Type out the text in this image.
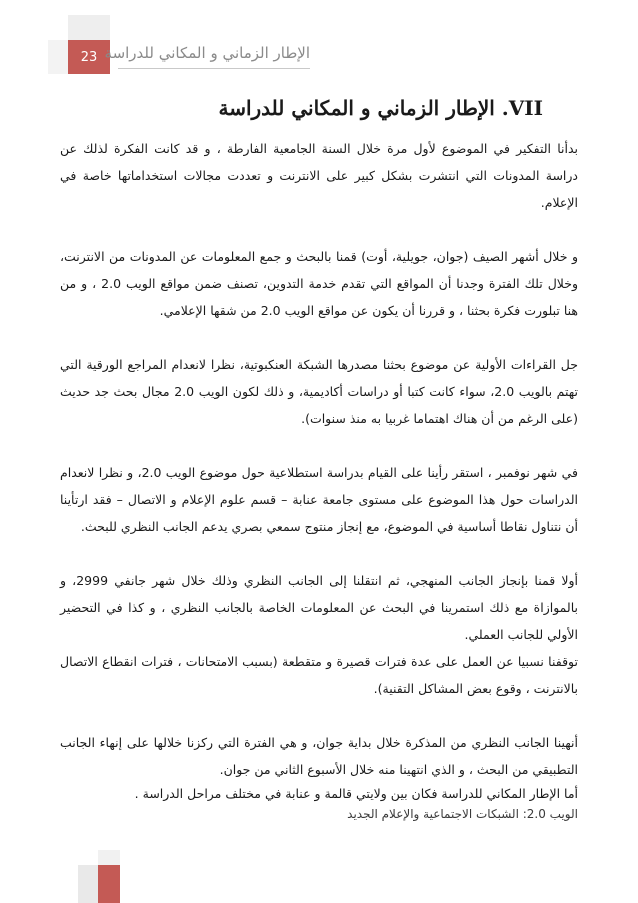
23 الإطار الزماني و المكاني للدراسة
VII. الإطار الزماني و المكاني للدراسة

بدأنا التفكير في الموضوع لأول مرة خلال السنة الجامعية الفارطة ، و قد كانت الفكرة لذلك عن دراسة المدونات التي انتشرت بشكل كبير على الانترنت و تعددت مجالات استخداماتها خاصة في الإعلام.

و خلال أشهر الصيف (جوان، جويلية، أوت) قمنا بالبحث و جمع المعلومات عن المدونات من الانترنت، وخلال تلك الفترة وجدنا أن المواقع التي تقدم خدمة التدوين، تصنف ضمن مواقع الويب 2.0 ، و من هنا تبلورت فكرة بحثنا ، و قررنا أن يكون عن مواقع الويب 2.0 من شقها الإعلامي.

جل القراءات الأولية عن موضوع بحثنا مصدرها الشبكة العنكبوتية، نظرا لانعدام المراجع الورقية التي تهتم بالويب 2.0، سواء كانت كتبا أو دراسات أكاديمية، و ذلك لكون الويب 2.0 مجال بحث جد حديث (على الرغم من أن هناك اهتماما غربيا به منذ سنوات).

في شهر نوفمبر ، استقر رأينا على القيام بدراسة استطلاعية حول موضوع الويب 2.0، و نظرا لانعدام الدراسات حول هذا الموضوع على مستوى جامعة عنابة – قسم علوم الإعلام و الاتصال – فقد ارتأينا أن نتناول نقاطا أساسية في الموضوع، مع إنجاز منتوج سمعي بصري يدعم الجانب النظري للبحث.

أولا قمنا بإنجاز الجانب المنهجي، ثم انتقلنا إلى الجانب النظري وذلك خلال شهر جانفي 2999، و بالموازاة مع ذلك استمرينا في البحث عن المعلومات الخاصة بالجانب النظري ، و كذا في التحضير الأولي للجانب العملي.

توقفنا نسبيا عن العمل على عدة فترات قصيرة و متقطعة (بسبب الامتحانات ، فترات انقطاع الاتصال بالانترنت ، وقوع بعض المشاكل التقنية).

أنهينا الجانب النظري من المذكرة خلال بداية جوان، و هي الفترة التي ركزنا خلالها على إنهاء الجانب التطبيقي من البحث ، و الذي انتهينا منه خلال الأسبوع الثاني من جوان.

أما الإطار المكاني للدراسة فكان بين ولايتي قالمة و عنابة في مختلف مراحل الدراسة .
الويب 2.0: الشبكات الاجتماعية والإعلام الجديد
